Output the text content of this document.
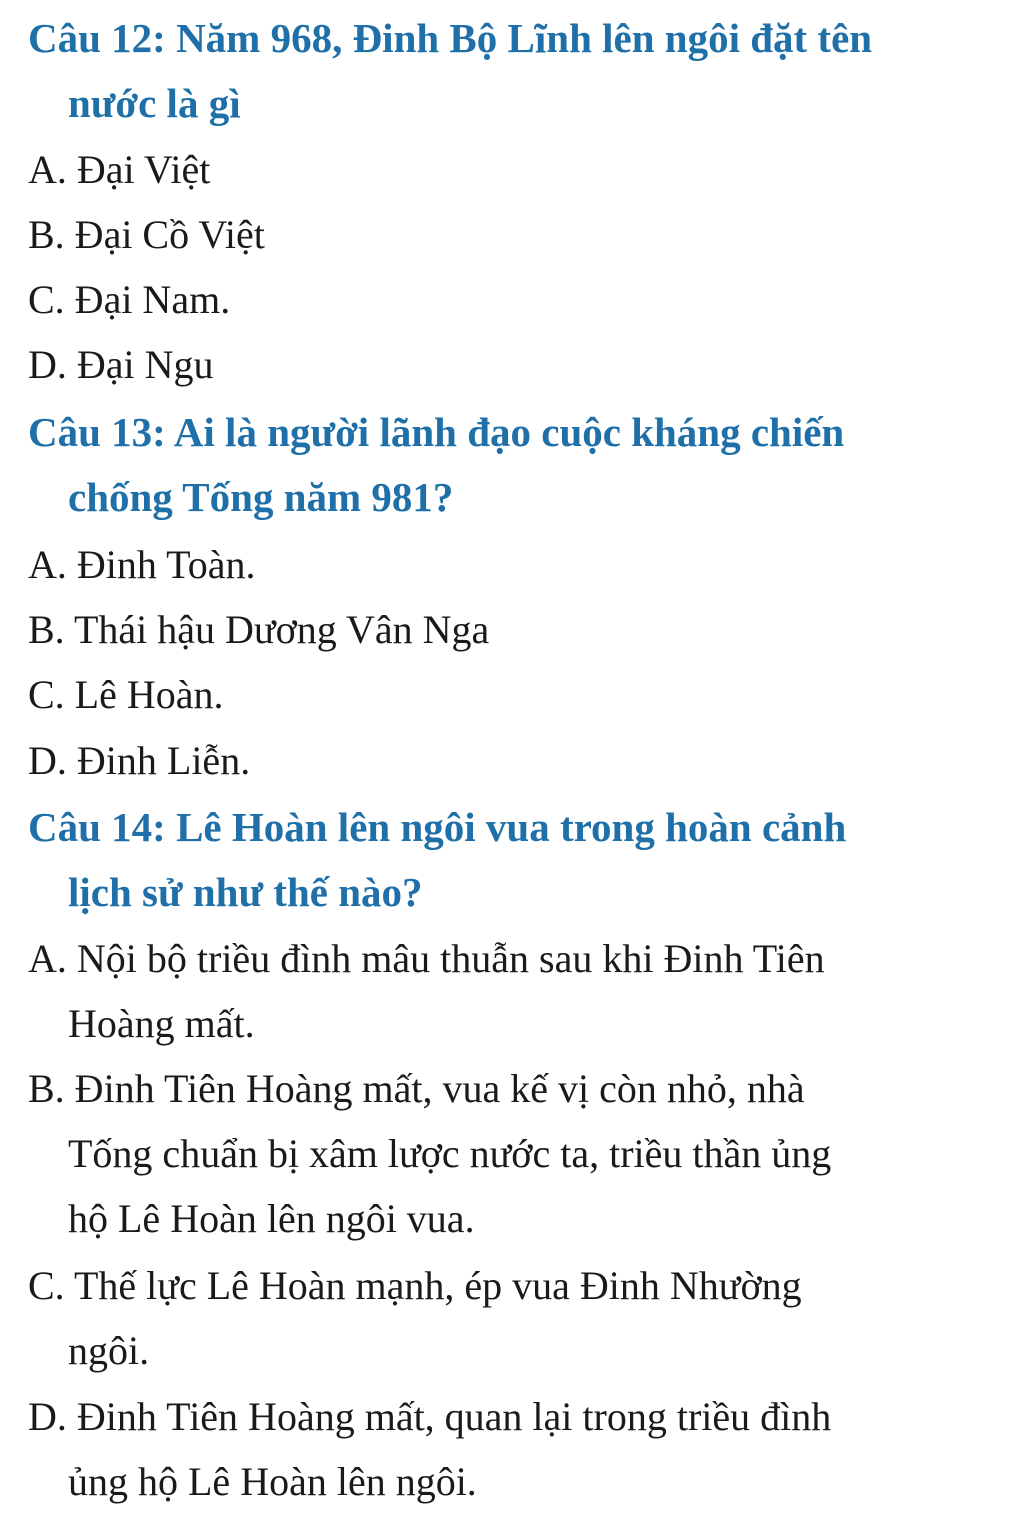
Câu 12: Năm 968, Đinh Bộ Lĩnh lên ngôi đặt tên
nước là gì
A. Đại Việt
B. Đại Cồ Việt
C. Đại Nam.
D. Đại Ngu
Câu 13: Ai là người lãnh đạo cuộc kháng chiến
chống Tống năm 981?
A. Đinh Toàn.
B. Thái hậu Dương Vân Nga
C. Lê Hoàn.
D. Đinh Liễn.
Câu 14: Lê Hoàn lên ngôi vua trong hoàn cảnh
lịch sử như thế nào?
A. Nội bộ triều đình mâu thuẫn sau khi Đinh Tiên
Hoàng mất.
B. Đinh Tiên Hoàng mất, vua kế vị còn nhỏ, nhà
Tống chuẩn bị xâm lược nước ta, triều thần ủng
hộ Lê Hoàn lên ngôi vua.
C. Thế lực Lê Hoàn mạnh, ép vua Đinh Nhường
ngôi.
D. Đinh Tiên Hoàng mất, quan lại trong triều đình
ủng hộ Lê Hoàn lên ngôi.
